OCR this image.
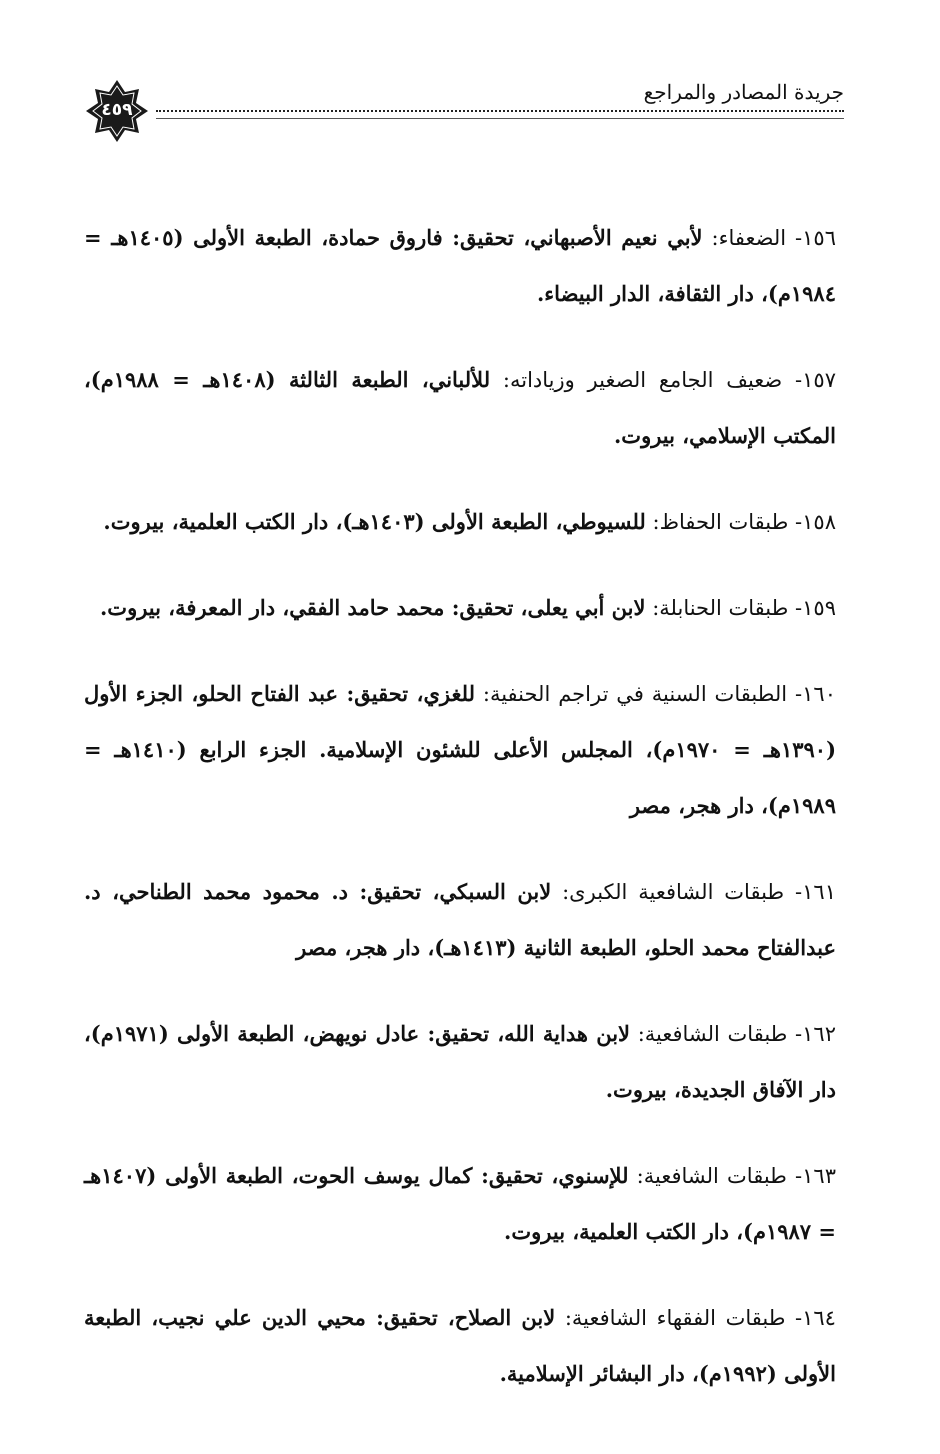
جريدة المصادر والمراجع
٤٥٩

١٥٦-الضعفاء: لأبي نعيم الأصبهاني، تحقيق: فاروق حمادة، الطبعة الأولى (١٤٠٥هـ = ١٩٨٤م)، دار الثقافة، الدار البيضاء.

١٥٧-ضعيف الجامع الصغير وزياداته: للألباني، الطبعة الثالثة (١٤٠٨هـ = ١٩٨٨م)، المكتب الإسلامي، بيروت.

١٥٨-طبقات الحفاظ: للسيوطي، الطبعة الأولى (١٤٠٣هـ)، دار الكتب العلمية، بيروت.

١٥٩-طبقات الحنابلة: لابن أبي يعلى، تحقيق: محمد حامد الفقي، دار المعرفة، بيروت.

١٦٠-الطبقات السنية في تراجم الحنفية: للغزي، تحقيق: عبد الفتاح الحلو، الجزء الأول (١٣٩٠هـ = ١٩٧٠م)، المجلس الأعلى للشئون الإسلامية. الجزء الرابع (١٤١٠هـ = ١٩٨٩م)، دار هجر، مصر

١٦١-طبقات الشافعية الكبرى: لابن السبكي، تحقيق: د. محمود محمد الطناحي، د. عبدالفتاح محمد الحلو، الطبعة الثانية (١٤١٣هـ)، دار هجر، مصر

١٦٢-طبقات الشافعية: لابن هداية الله، تحقيق: عادل نويهض، الطبعة الأولى (١٩٧١م)، دار الآفاق الجديدة، بيروت.

١٦٣-طبقات الشافعية: للإسنوي، تحقيق: كمال يوسف الحوت، الطبعة الأولى (١٤٠٧هـ = ١٩٨٧م)، دار الكتب العلمية، بيروت.

١٦٤-طبقات الفقهاء الشافعية: لابن الصلاح، تحقيق: محيي الدين علي نجيب، الطبعة الأولى (١٩٩٢م)، دار البشائر الإسلامية.
